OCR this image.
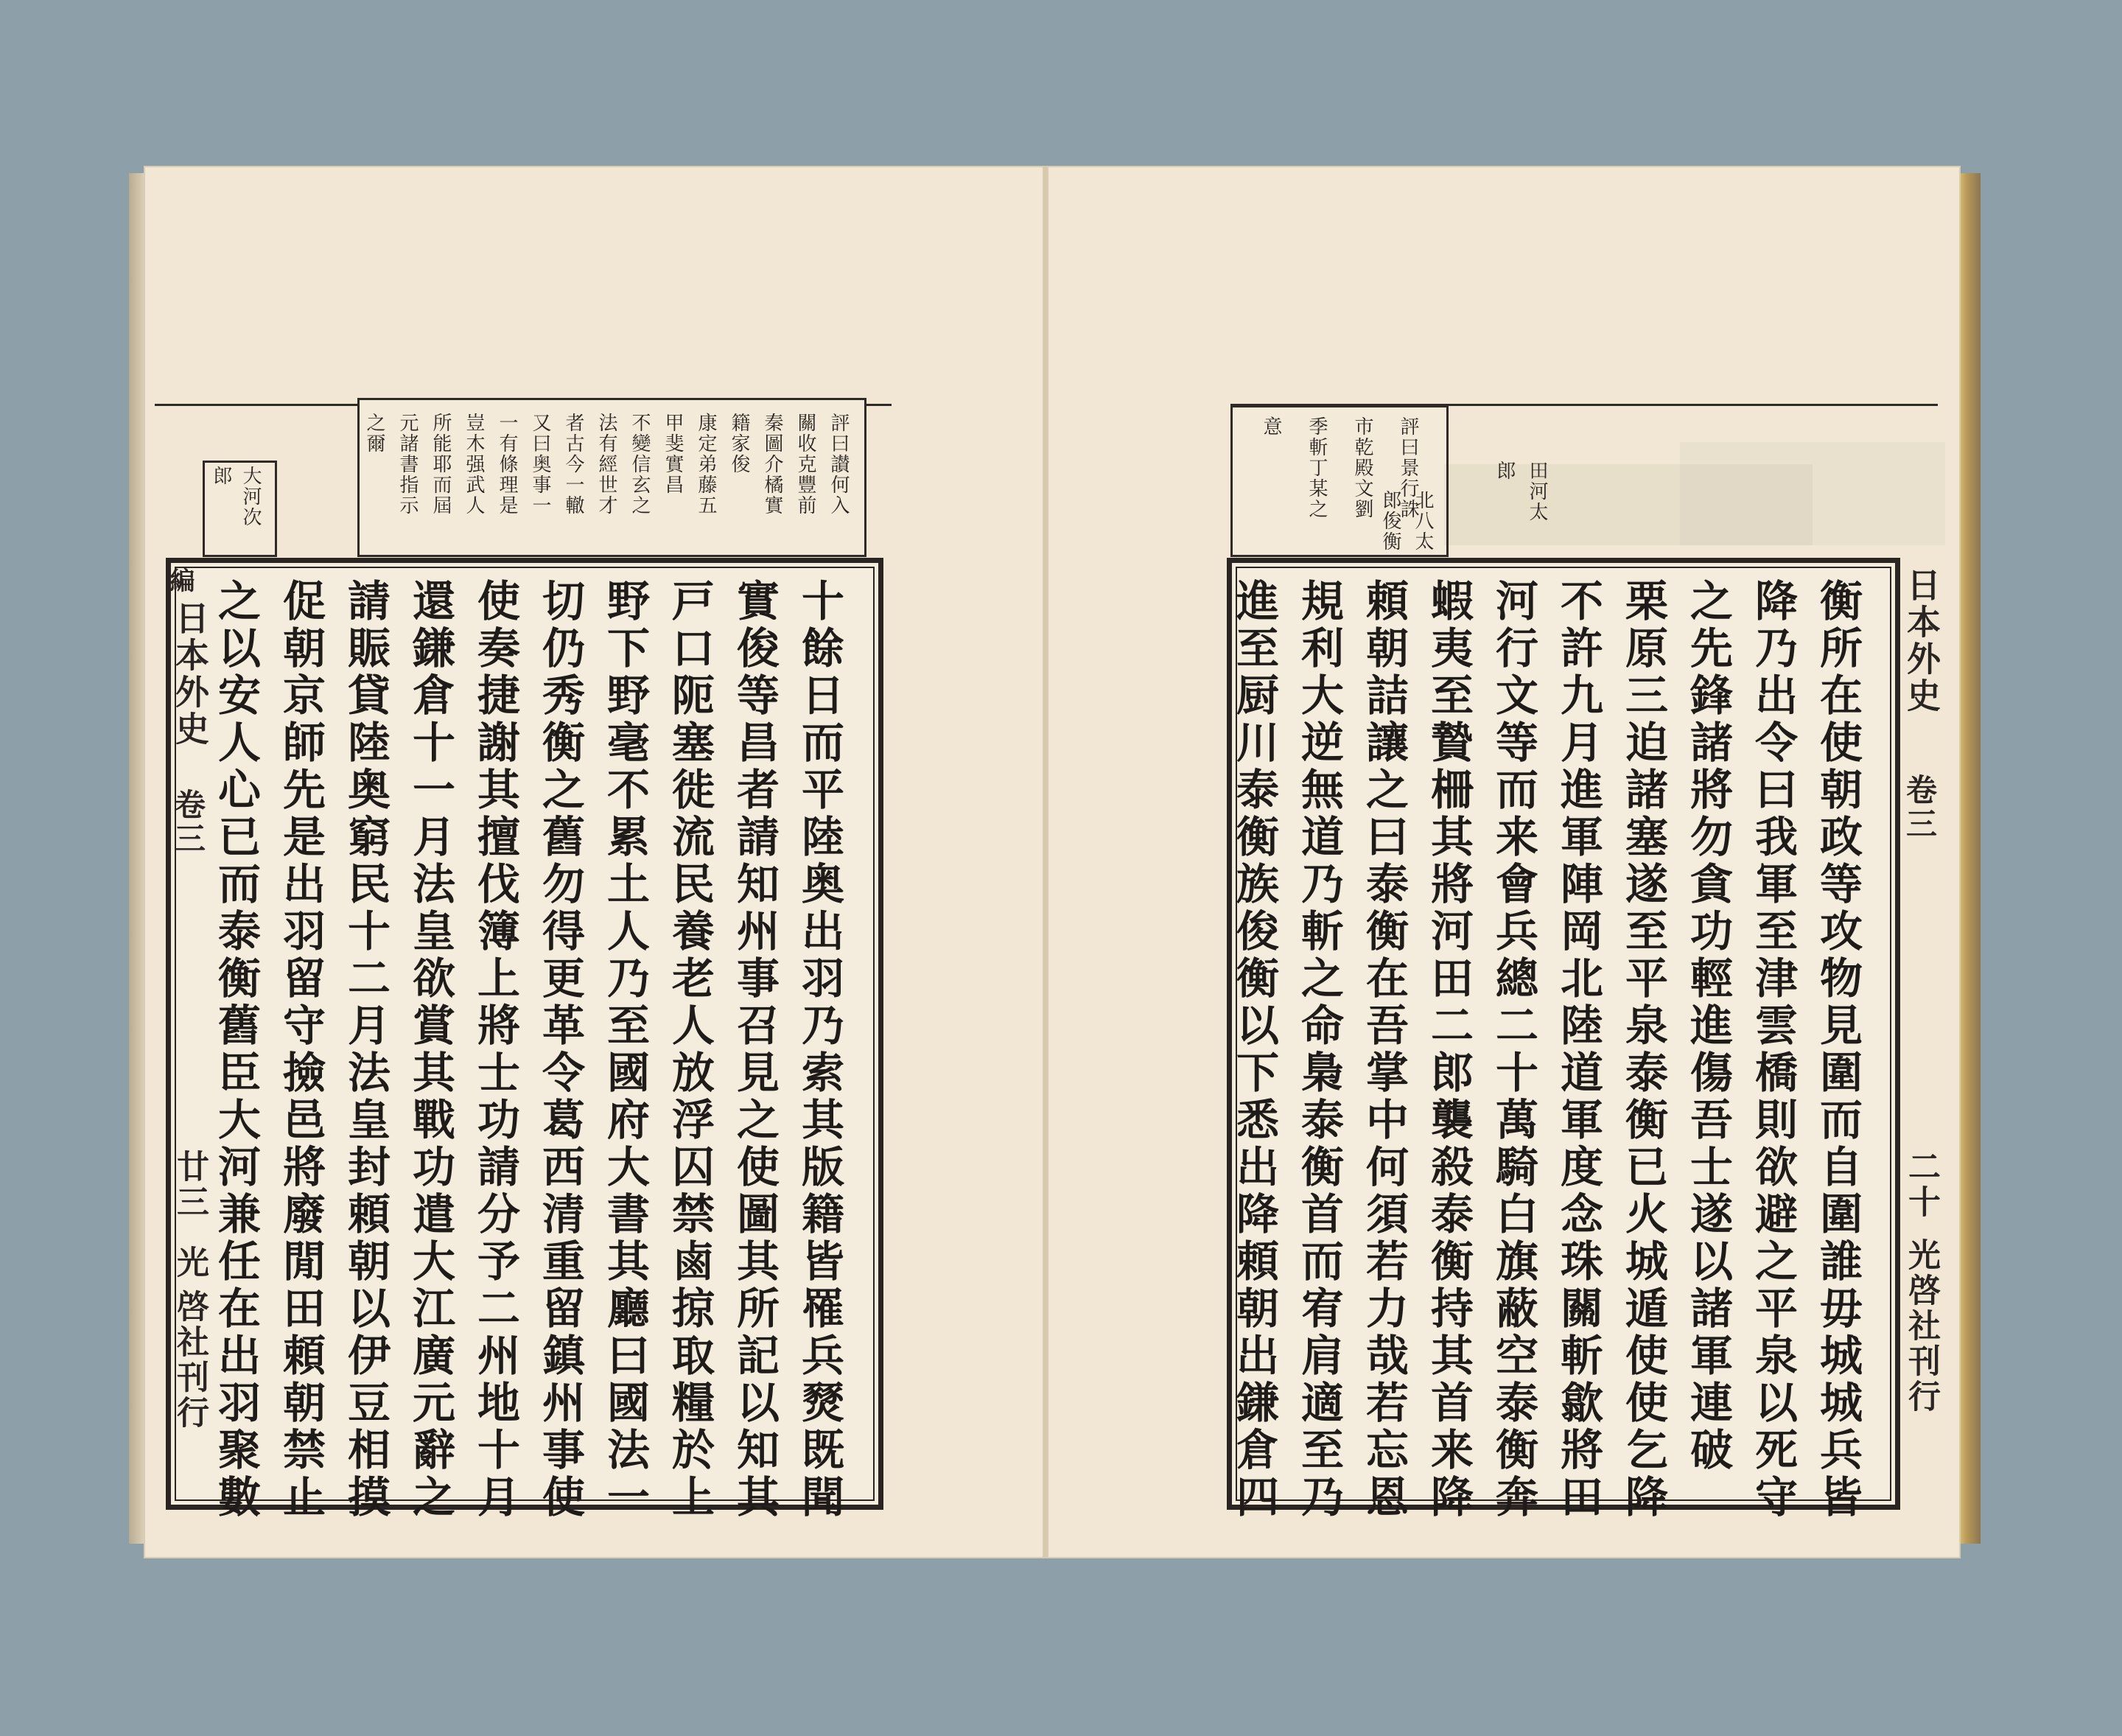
評曰讃何入
關收克豐前
秦圖介橘實
籍家俊
康定弟藤五
甲斐實昌
不變信玄之
法有經世才
者古今一轍
又曰奥事一
一有條理是
豈木强武人
所能耶而屆
元諸書指示
之爾
大河次
郎
十餘日而平陸奥出羽乃索其版籍皆罹兵燹既聞
實俊等昌者請知州事召見之使圖其所記以知其
戸口阨塞徙流民養老人放浮囚禁鹵掠取糧於上
野下野毫不累土人乃至國府大書其廳曰國法一
切仍秀衡之舊勿得更革令葛西清重留鎮州事使
使奏捷謝其擅伐簿上將士功請分予二州地十月
還鎌倉十一月法皇欲賞其戰功遣大江廣元辭之
請賑貸陸奥窮民十二月法皇封頼朝以伊豆相摸
促朝京師先是出羽留守撿邑將廢閒田頼朝禁止
之以安人心已而泰衡舊臣大河兼任在出羽聚數
編
日本外史
卷三
廿三
光
啓社刊行
評曰景行誅
市乾殿文劉
季斬丁某之
意
田河太
郎
北八太
郎俊衡
衡所在使朝政等攻物見圍而自圍誰毋城城兵皆
降乃出令曰我軍至津雲橋則欲避之平泉以死守
之先鋒諸將勿貪功輕進傷吾士遂以諸軍連破
栗原三迫諸塞遂至平泉泰衡已火城遁使使乞降
不許九月進軍陣岡北陸道軍度念珠關斬歙將田
河行文等而来會兵總二十萬騎白旗蔽空泰衡奔
蝦夷至贄柵其將河田二郎襲殺泰衡持其首来降
頼朝詰讓之曰泰衡在吾掌中何須若力哉若忘恩
規利大逆無道乃斬之命梟泰衡首而宥肩適至乃
進至厨川泰衡族俊衡以下悉出降頼朝出鎌倉四	日本外史
卷三
二十
光啓社刊行
